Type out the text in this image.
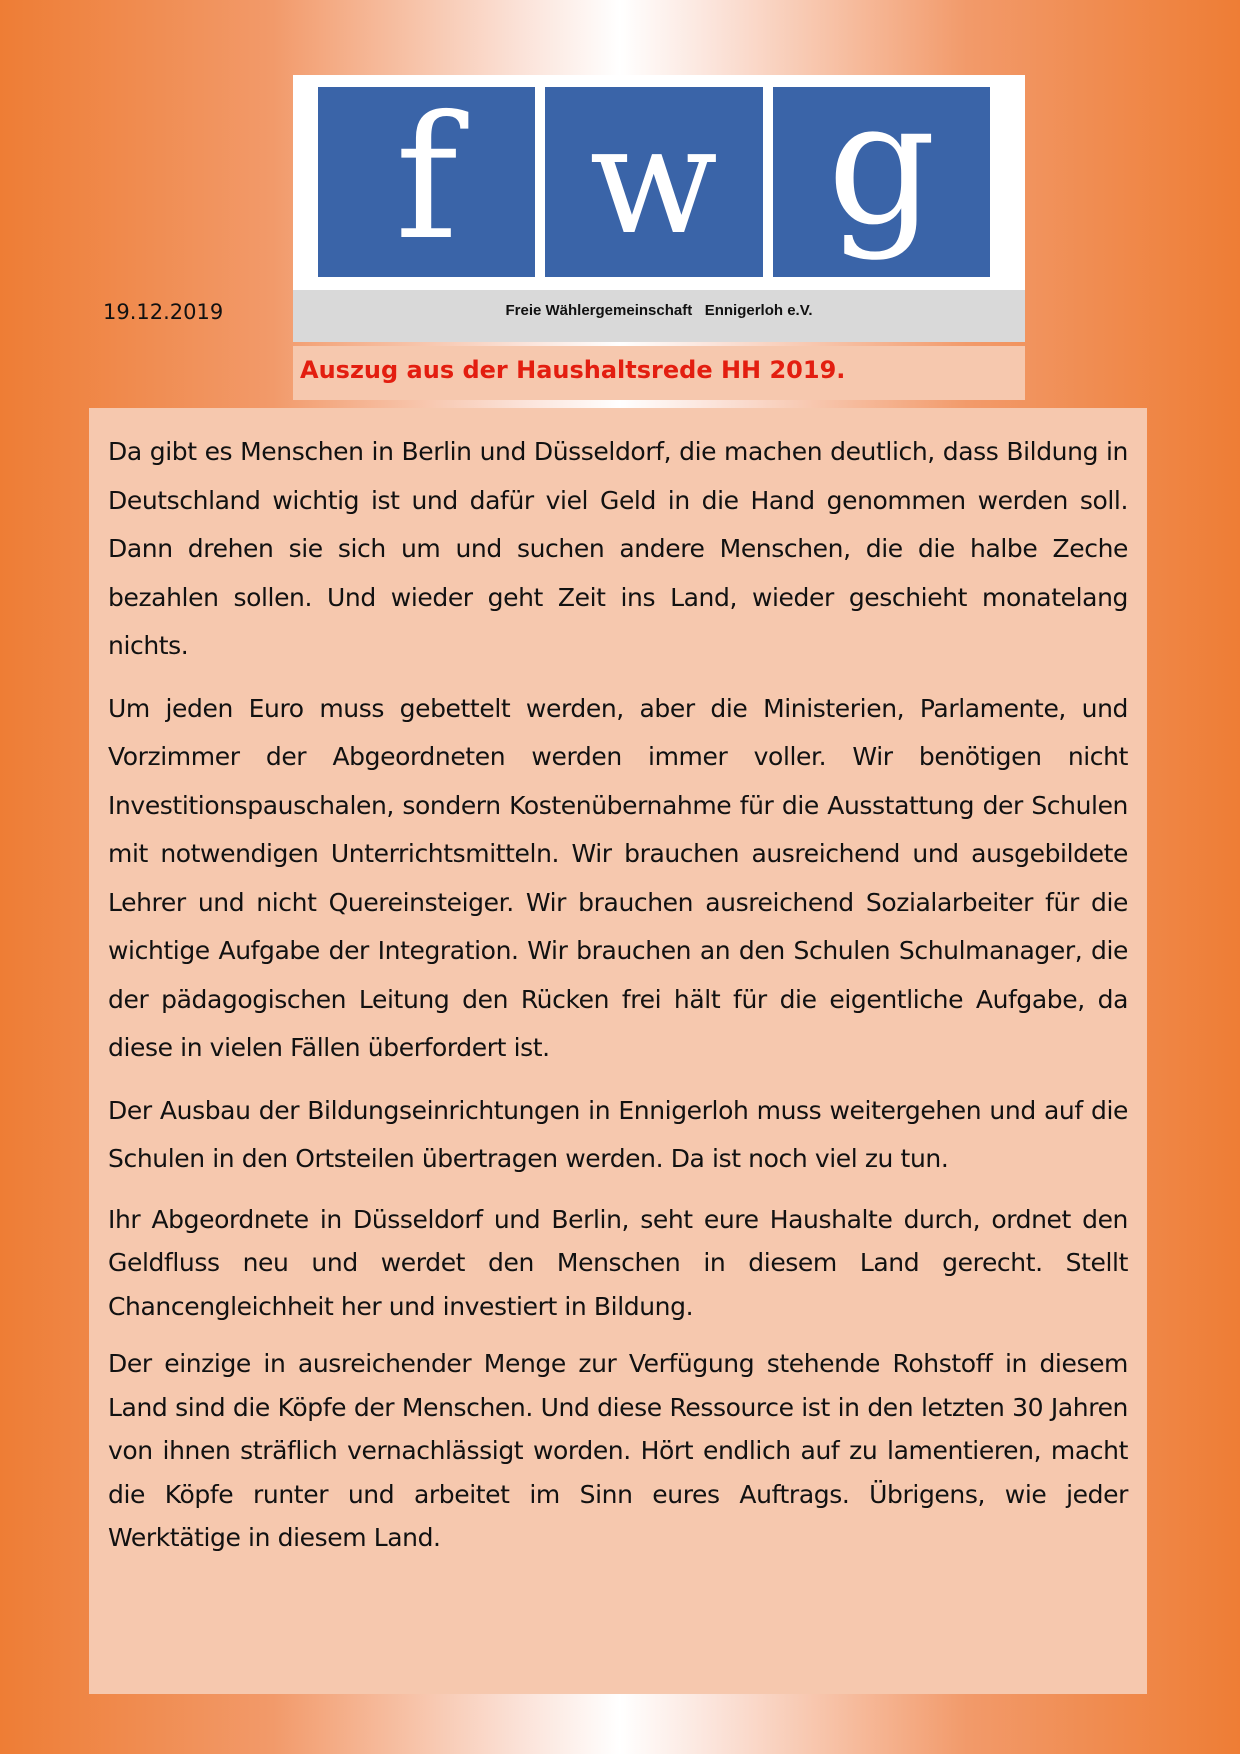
f w g
Freie Wählergemeinschaft   Ennigerloh e.V.
19.12.2019
Auszug aus der Haushaltsrede HH 2019.

Da gibt es Menschen in Berlin und Düsseldorf, die machen deutlich, dass Bildung in Deutschland wichtig ist und dafür viel Geld in die Hand genommen werden soll. Dann drehen sie sich um und suchen andere Menschen, die die halbe Zeche bezahlen sollen. Und wieder geht Zeit ins Land, wieder geschieht monatelang nichts.

Um jeden Euro muss gebettelt werden, aber die Ministerien, Parlamente, und Vorzimmer der Abgeordneten werden immer voller. Wir benötigen nicht Investitionspauschalen, sondern Kostenübernahme für die Ausstattung der Schulen mit notwendigen Unterrichtsmitteln. Wir brauchen ausreichend und ausgebildete Lehrer und nicht Quereinsteiger. Wir brauchen ausreichend Sozialarbeiter für die wichtige Aufgabe der Integration. Wir brauchen an den Schulen Schulmanager, die der pädagogischen Leitung den Rücken frei hält für die eigentliche Aufgabe, da diese in vielen Fällen überfordert ist.

Der Ausbau der Bildungseinrichtungen in Ennigerloh muss weitergehen und auf die Schulen in den Ortsteilen übertragen werden. Da ist noch viel zu tun.

Ihr Abgeordnete in Düsseldorf und Berlin, seht eure Haushalte durch, ordnet den Geldfluss neu und werdet den Menschen in diesem Land gerecht. Stellt Chancengleichheit her und investiert in Bildung.

Der einzige in ausreichender Menge zur Verfügung stehende Rohstoff in diesem Land sind die Köpfe der Menschen. Und diese Ressource ist in den letzten 30 Jahren von ihnen sträflich vernachlässigt worden. Hört endlich auf zu lamentieren, macht die Köpfe runter und arbeitet im Sinn eures Auftrags. Übrigens, wie jeder Werktätige in diesem Land.
